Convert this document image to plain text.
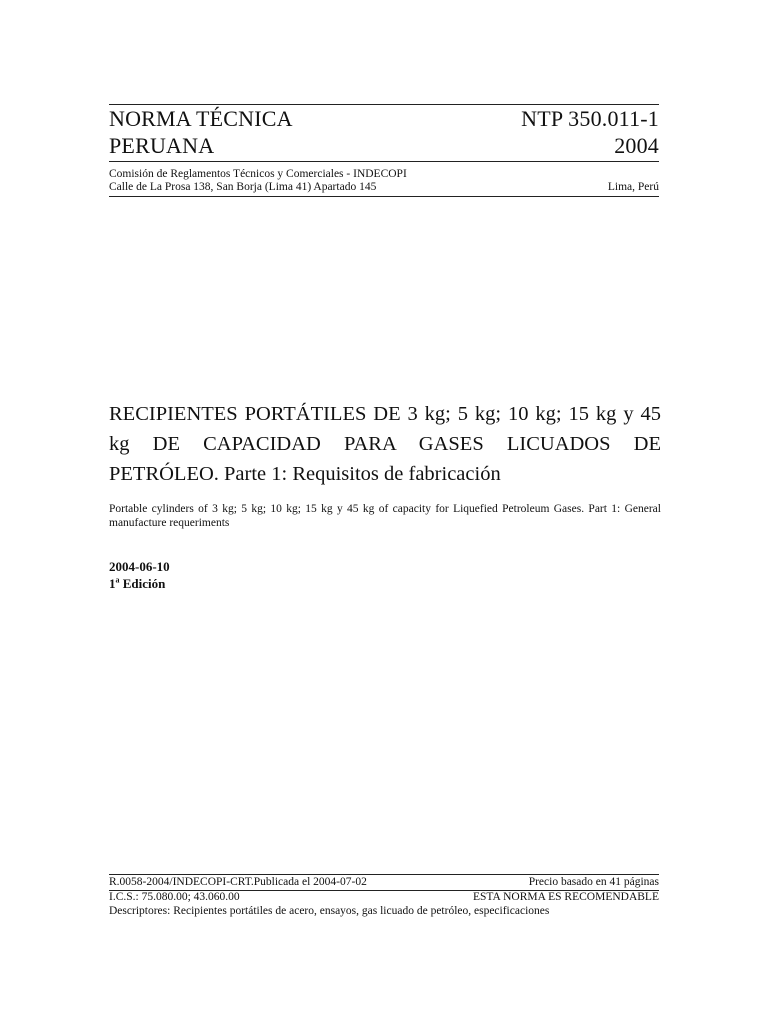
NORMA TÉCNICA
PERUANA
NTP 350.011-1
2004
Comisión de Reglamentos Técnicos y Comerciales - INDECOPI
Calle de La Prosa 138, San Borja (Lima 41) Apartado 145	Lima, Perú
RECIPIENTES PORTÁTILES DE 3 kg; 5 kg; 10 kg; 15 kg y 45 kg DE CAPACIDAD PARA GASES LICUADOS DE PETRÓLEO. Parte 1: Requisitos de fabricación
Portable cylinders of 3 kg; 5 kg; 10 kg; 15 kg y 45 kg of capacity for Liquefied Petroleum Gases. Part 1: General manufacture requeriments
2004-06-10
1$^a$ Edición
R.0058-2004/INDECOPI-CRT.Publicada el 2004-07-02	Precio basado en 41 páginas
I.C.S.: 75.080.00; 43.060.00	ESTA NORMA ES RECOMENDABLE
Descriptores: Recipientes portátiles de acero, ensayos, gas licuado de petróleo, especificaciones
